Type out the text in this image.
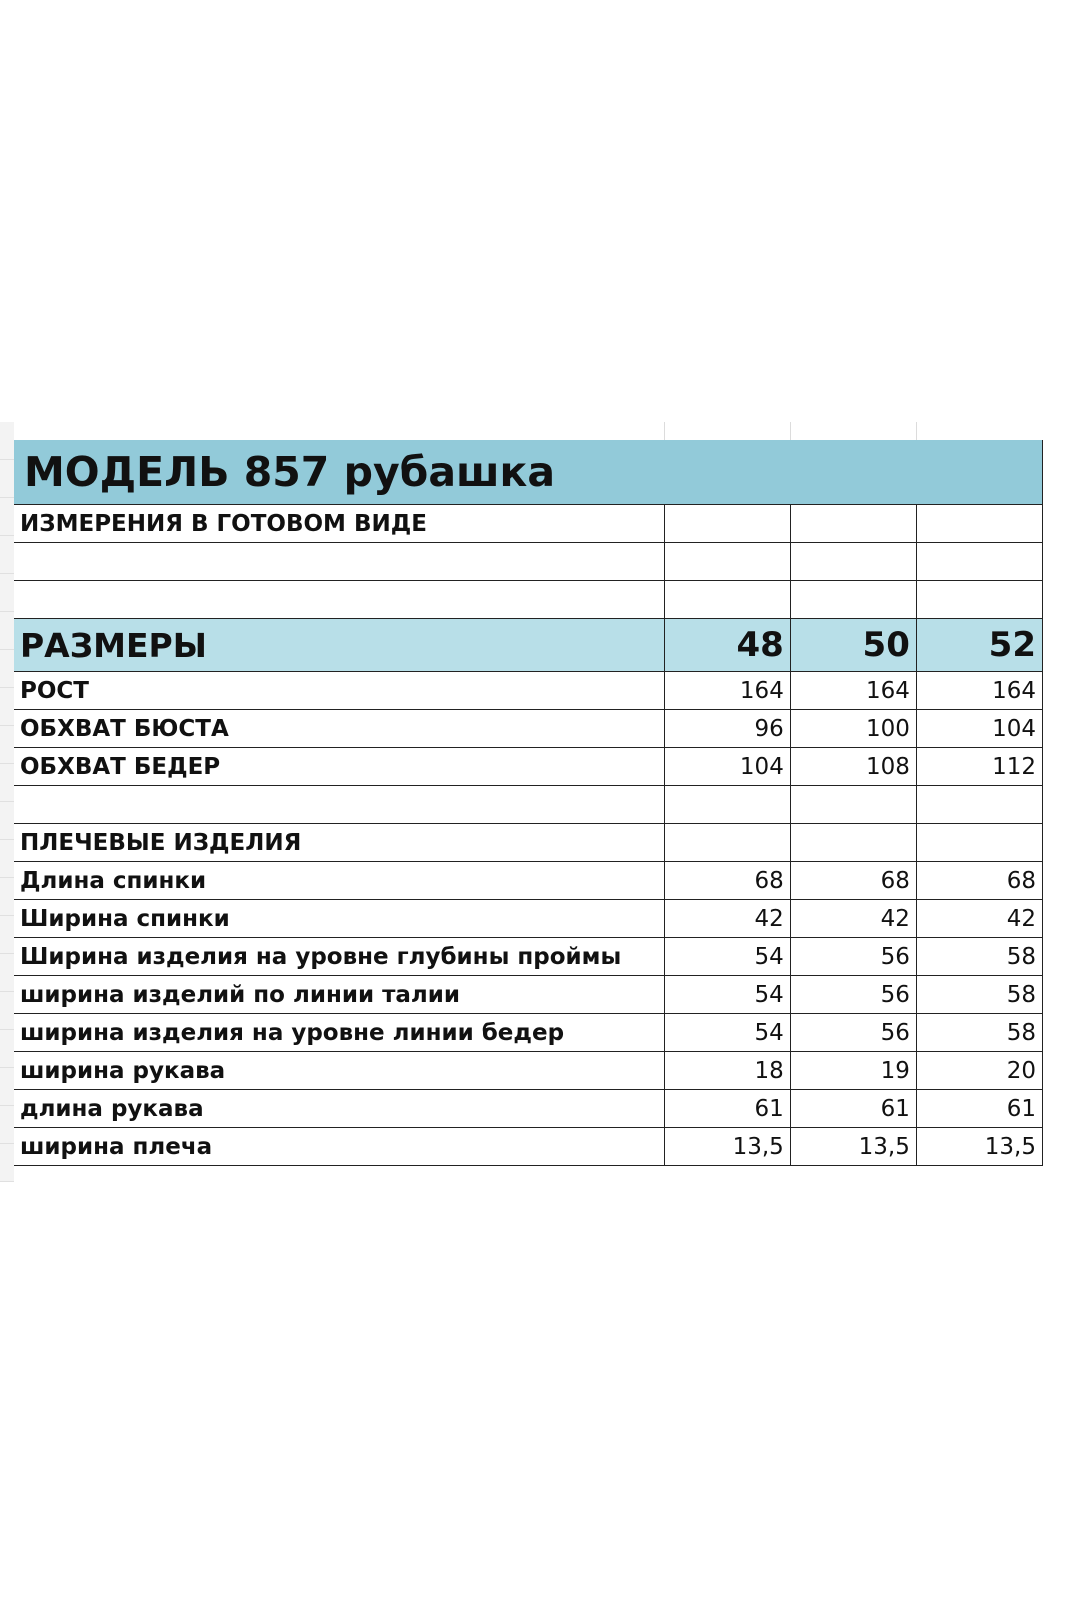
МОДЕЛЬ 857 рубашка			
ИЗМЕРЕНИЯ В ГОТОВОМ ВИДЕ			

РАЗМЕРЫ	48	50	52
РОСТ	164	164	164
ОБХВАТ БЮСТА	96	100	104
ОБХВАТ БЕДЕР	104	108	112

ПЛЕЧЕВЫЕ ИЗДЕЛИЯ			
Длина спинки	68	68	68
Ширина спинки	42	42	42
Ширина изделия на уровне глубины проймы	54	56	58
ширина изделий по линии талии	54	56	58
ширина изделия на уровне линии бедер	54	56	58
ширина рукава	18	19	20
длина рукава	61	61	61
ширина плеча	13,5	13,5	13,5
